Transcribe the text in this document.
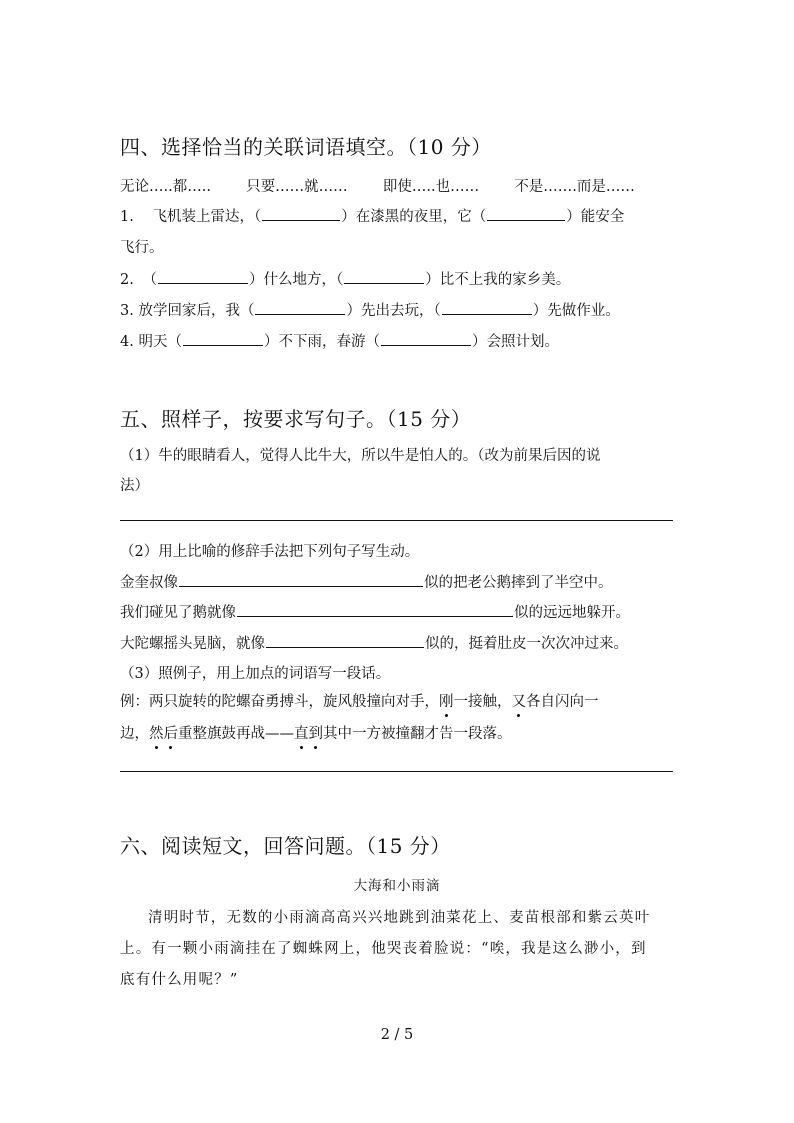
四、选择恰当的关联词语填空。（10 分）
无论…..都….. 只要……就…… 即使…..也…… 不是…….而是……
1. 飞机装上雷达，（	）在漆黑的夜里，它（	）能安全
飞行。
2. （	）什么地方，（	）比不上我的家乡美。
3. 放学回家后，我（	）先出去玩，（	）先做作业。
4. 明天（	）不下雨，春游（	）会照计划。
五、照样子，按要求写句子。（15 分）
（1）牛的眼睛看人，觉得人比牛大，所以牛是怕人的。（改为前果后因的说
法）
（2）用上比喻的修辞手法把下列句子写生动。
金奎叔像	似的把老公鹅摔到了半空中。
我们碰见了鹅就像	似的远远地躲开。
大陀螺摇头晃脑，就像	似的，挺着肚皮一次次冲过来。
（3）照例子，用上加点的词语写一段话。
例：两只旋转的陀螺奋勇搏斗，旋风般撞向对手，刚一接触，又各自闪向一
边，然后重整旗鼓再战——直到其中一方被撞翻才告一段落。
六、阅读短文，回答问题。（15 分）
大海和小雨滴
清明时节，无数的小雨滴高高兴兴地跳到油菜花上、麦苗根部和紫云英叶
上。有一颗小雨滴挂在了蜘蛛网上，他哭丧着脸说：“唉，我是这么渺小，到
底有什么用呢？”
2 / 5
